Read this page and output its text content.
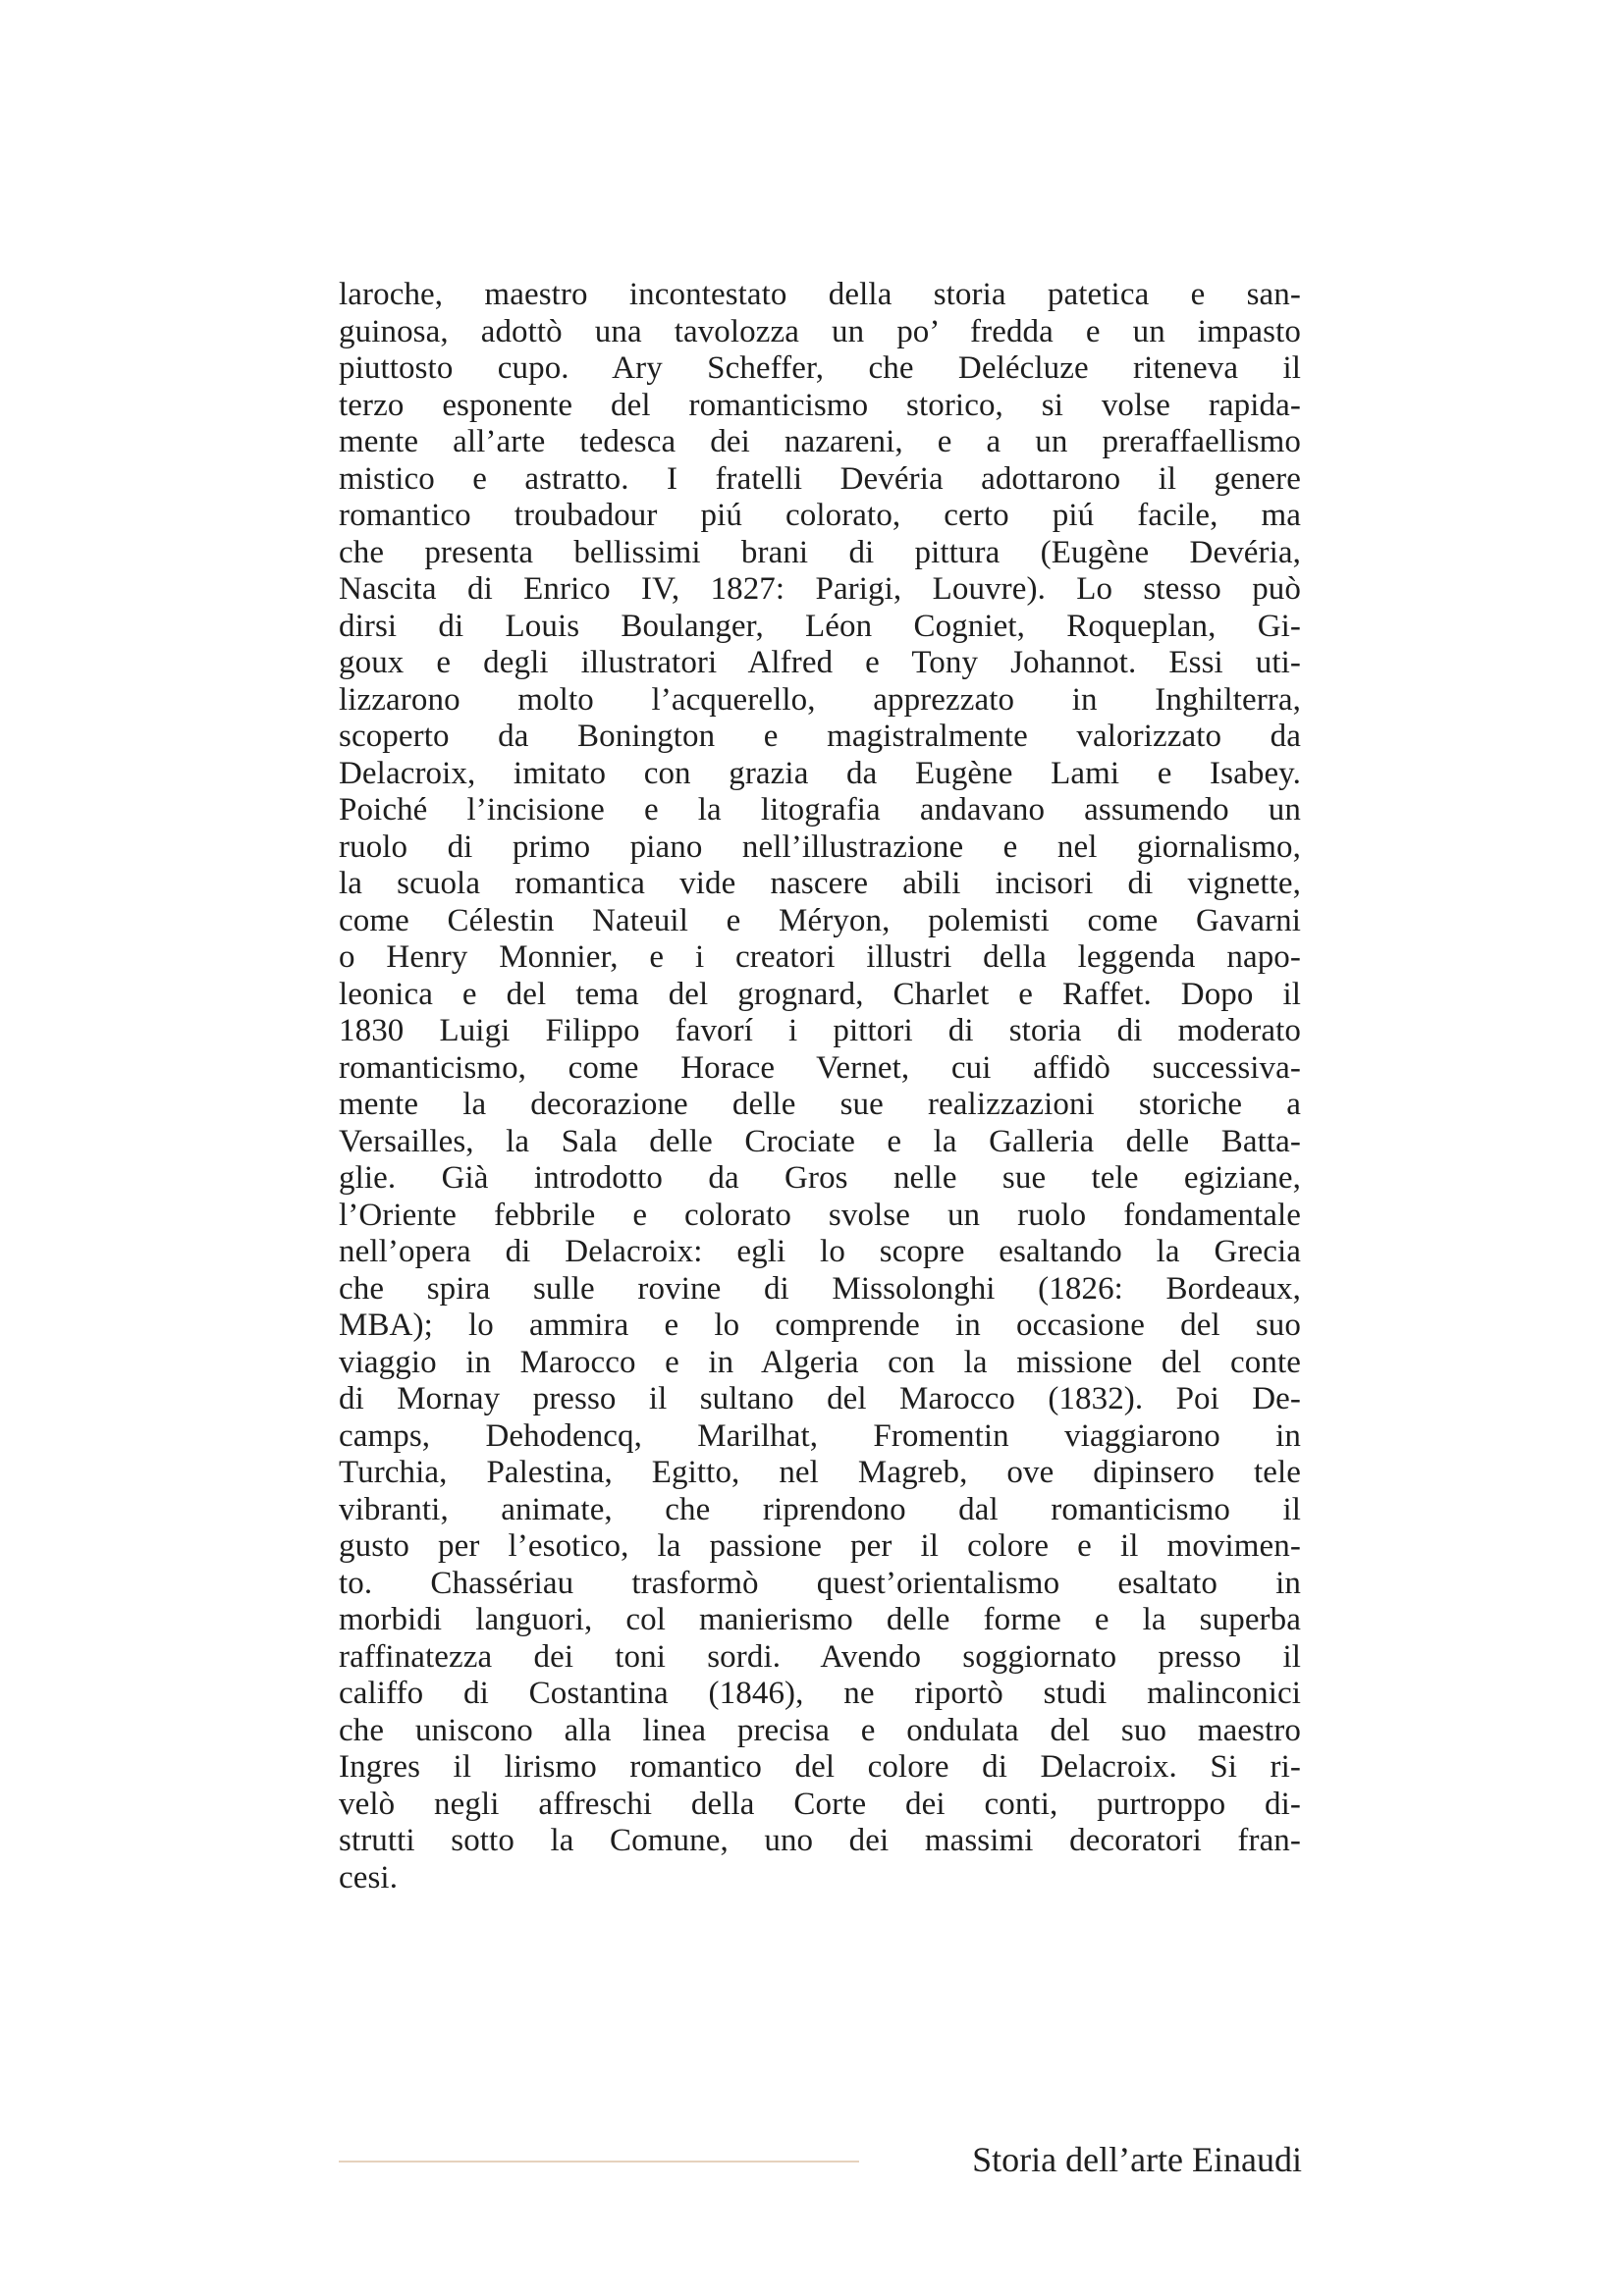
laroche, maestro incontestato della storia patetica e san-
guinosa, adottò una tavolozza un po’ fredda e un impasto
piuttosto cupo. Ary Scheffer, che Delécluze riteneva il
terzo esponente del romanticismo storico, si volse rapida-
mente all’arte tedesca dei nazareni, e a un preraffaellismo
mistico e astratto. I fratelli Devéria adottarono il genere
romantico troubadour piú colorato, certo piú facile, ma
che presenta bellissimi brani di pittura (Eugène Devéria,
Nascita di Enrico IV, 1827: Parigi, Louvre). Lo stesso può
dirsi di Louis Boulanger, Léon Cogniet, Roqueplan, Gi-
goux e degli illustratori Alfred e Tony Johannot. Essi uti-
lizzarono molto l’acquerello, apprezzato in Inghilterra,
scoperto da Bonington e magistralmente valorizzato da
Delacroix, imitato con grazia da Eugène Lami e Isabey.
Poiché l’incisione e la litografia andavano assumendo un
ruolo di primo piano nell’illustrazione e nel giornalismo,
la scuola romantica vide nascere abili incisori di vignette,
come Célestin Nateuil e Méryon, polemisti come Gavarni
o Henry Monnier, e i creatori illustri della leggenda napo-
leonica e del tema del grognard, Charlet e Raffet. Dopo il
1830 Luigi Filippo favorí i pittori di storia di moderato
romanticismo, come Horace Vernet, cui affidò successiva-
mente la decorazione delle sue realizzazioni storiche a
Versailles, la Sala delle Crociate e la Galleria delle Batta-
glie. Già introdotto da Gros nelle sue tele egiziane,
l’Oriente febbrile e colorato svolse un ruolo fondamentale
nell’opera di Delacroix: egli lo scopre esaltando la Grecia
che spira sulle rovine di Missolonghi (1826: Bordeaux,
MBA); lo ammira e lo comprende in occasione del suo
viaggio in Marocco e in Algeria con la missione del conte
di Mornay presso il sultano del Marocco (1832). Poi De-
camps, Dehodencq, Marilhat, Fromentin viaggiarono in
Turchia, Palestina, Egitto, nel Magreb, ove dipinsero tele
vibranti, animate, che riprendono dal romanticismo il
gusto per l’esotico, la passione per il colore e il movimen-
to. Chassériau trasformò quest’orientalismo esaltato in
morbidi languori, col manierismo delle forme e la superba
raffinatezza dei toni sordi. Avendo soggiornato presso il
califfo di Costantina (1846), ne riportò studi malinconici
che uniscono alla linea precisa e ondulata del suo maestro
Ingres il lirismo romantico del colore di Delacroix. Si ri-
velò negli affreschi della Corte dei conti, purtroppo di-
strutti sotto la Comune, uno dei massimi decoratori fran-
cesi.
Storia dell’arte Einaudi
